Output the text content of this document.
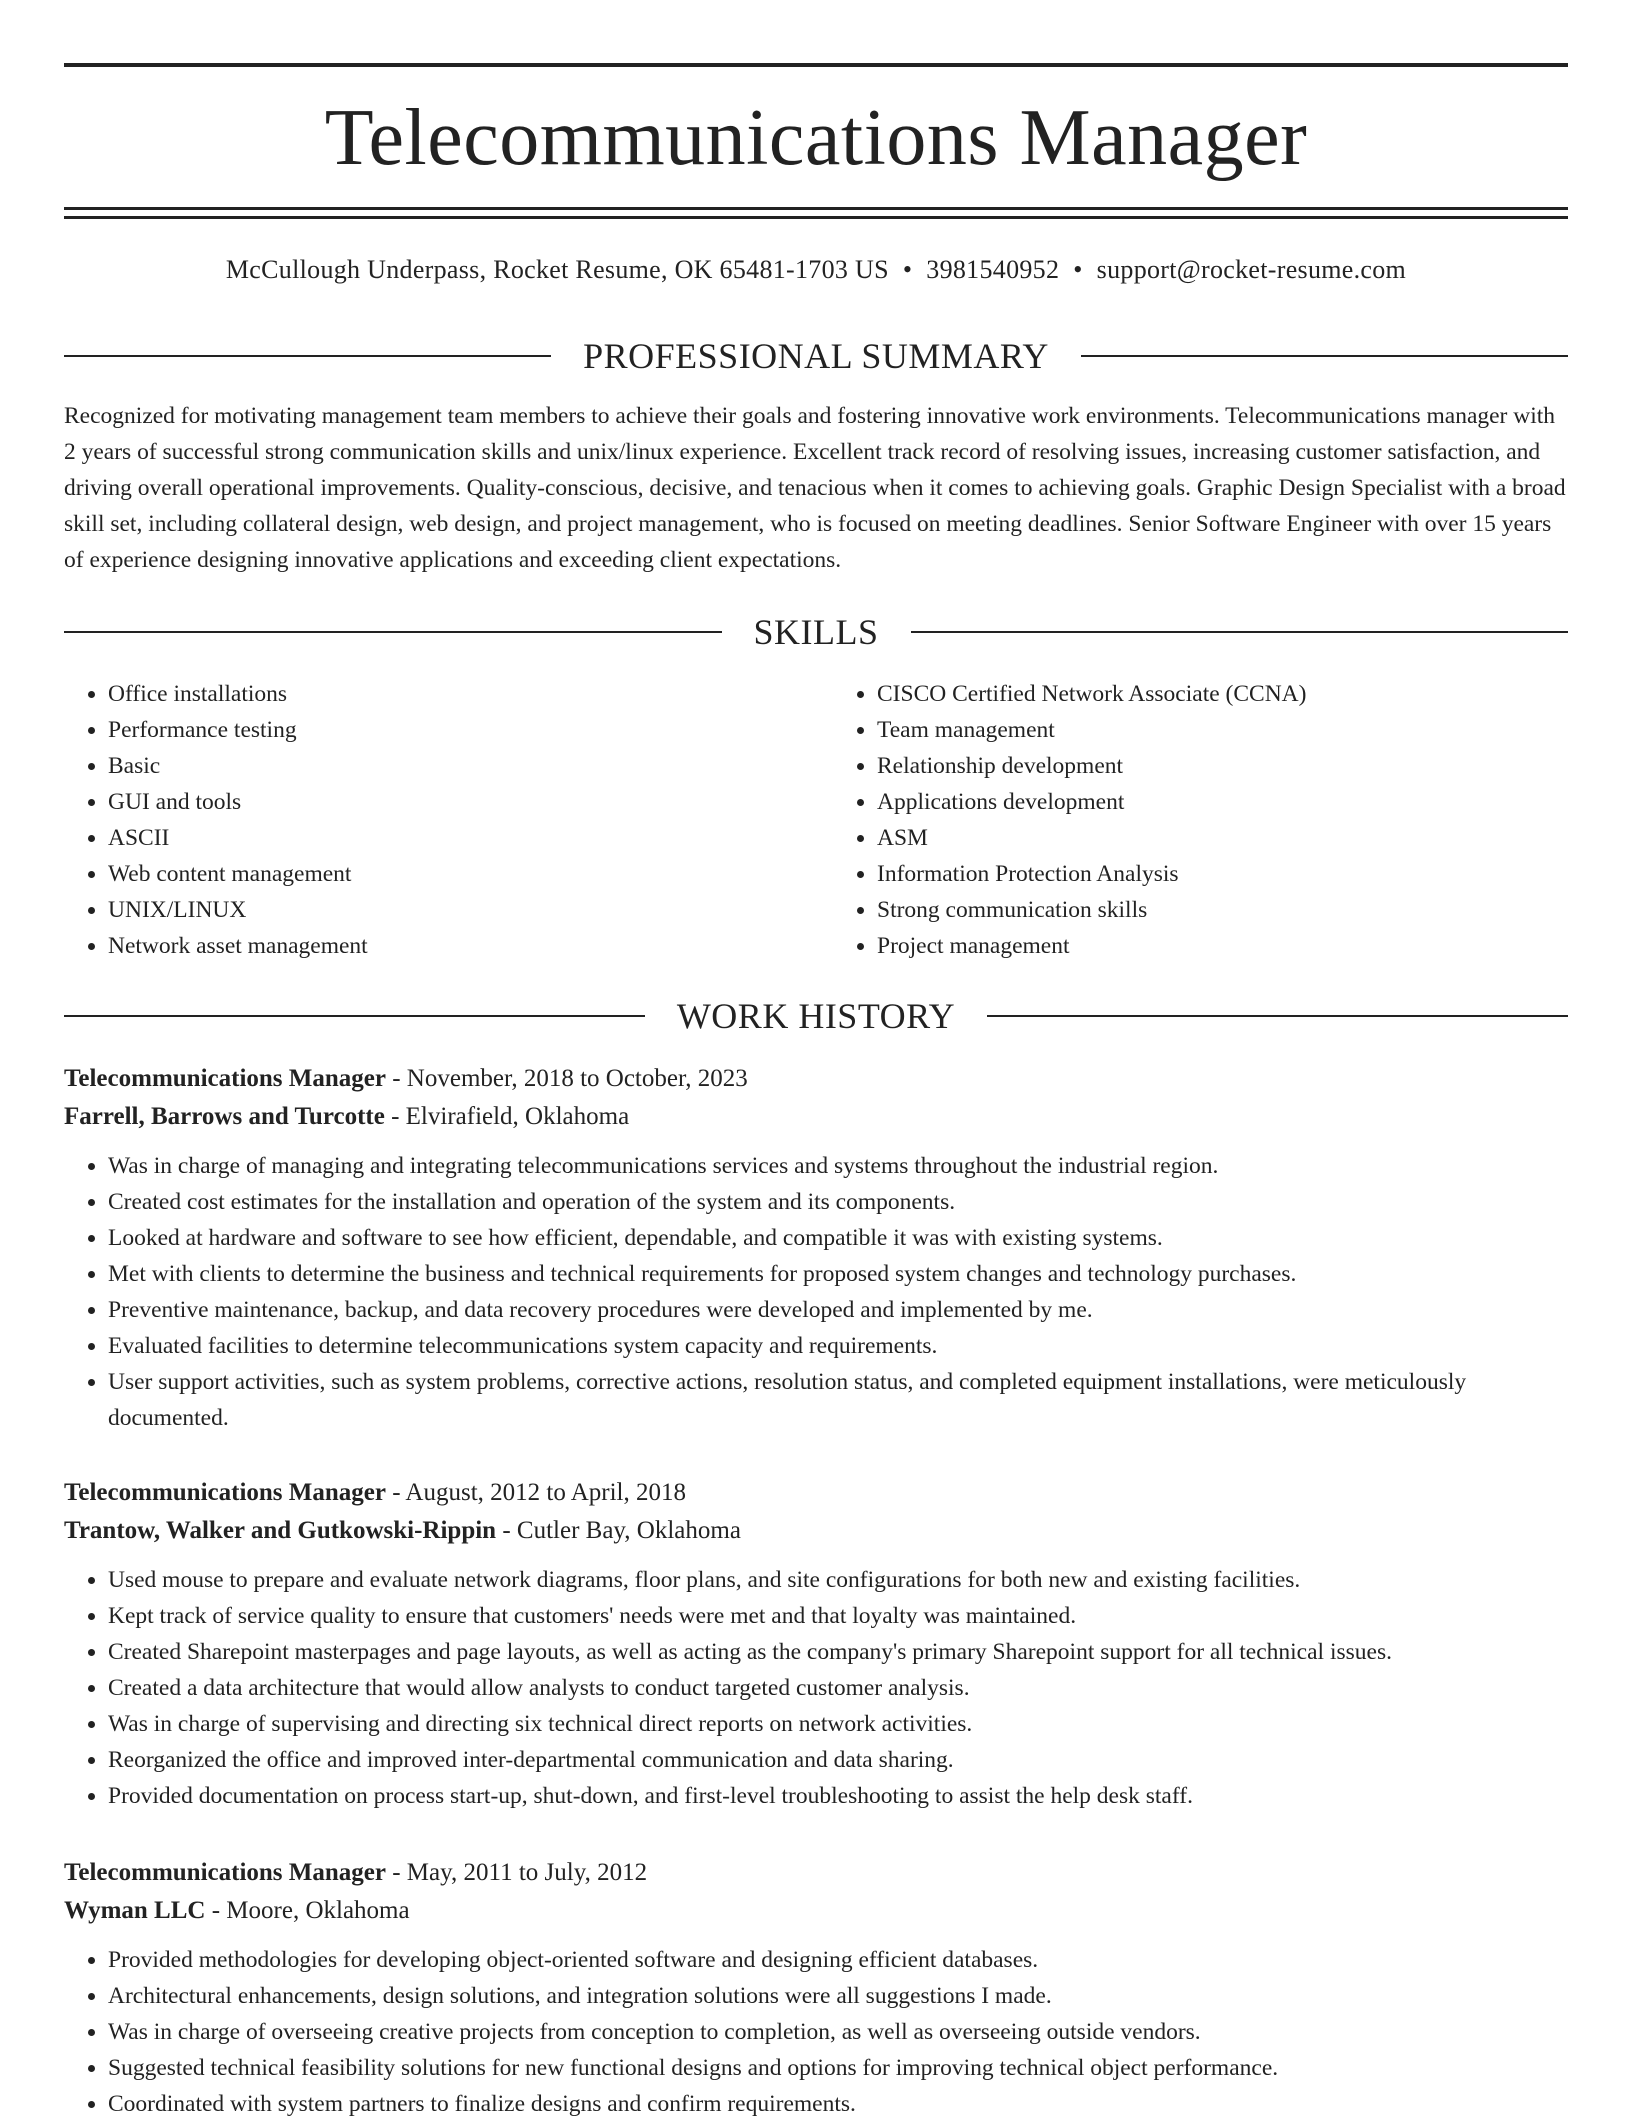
Telecommunications Manager
McCullough Underpass, Rocket Resume, OK 65481-1703 US • 3981540952 • support@rocket-resume.com
PROFESSIONAL SUMMARY

Recognized for motivating management team members to achieve their goals and fostering innovative work environments. Telecommunications manager with 2 years of successful strong communication skills and unix/linux experience. Excellent track record of resolving issues, increasing customer satisfaction, and driving overall operational improvements. Quality-conscious, decisive, and tenacious when it comes to achieving goals. Graphic Design Specialist with a broad skill set, including collateral design, web design, and project management, who is focused on meeting deadlines. Senior Software Engineer with over 15 years of experience designing innovative applications and exceeding client expectations.

SKILLS
• Office installations
• Performance testing
• Basic
• GUI and tools
• ASCII
• Web content management
• UNIX/LINUX
• Network asset management
• CISCO Certified Network Associate (CCNA)
• Team management
• Relationship development
• Applications development
• ASM
• Information Protection Analysis
• Strong communication skills
• Project management
WORK HISTORY
Telecommunications Manager - November, 2018 to October, 2023
Farrell, Barrows and Turcotte - Elvirafield, Oklahoma
• Was in charge of managing and integrating telecommunications services and systems throughout the industrial region.
• Created cost estimates for the installation and operation of the system and its components.
• Looked at hardware and software to see how efficient, dependable, and compatible it was with existing systems.
• Met with clients to determine the business and technical requirements for proposed system changes and technology purchases.
• Preventive maintenance, backup, and data recovery procedures were developed and implemented by me.
• Evaluated facilities to determine telecommunications system capacity and requirements.
• User support activities, such as system problems, corrective actions, resolution status, and completed equipment installations, were meticulously documented.
Telecommunications Manager - August, 2012 to April, 2018
Trantow, Walker and Gutkowski-Rippin - Cutler Bay, Oklahoma
• Used mouse to prepare and evaluate network diagrams, floor plans, and site configurations for both new and existing facilities.
• Kept track of service quality to ensure that customers' needs were met and that loyalty was maintained.
• Created Sharepoint masterpages and page layouts, as well as acting as the company's primary Sharepoint support for all technical issues.
• Created a data architecture that would allow analysts to conduct targeted customer analysis.
• Was in charge of supervising and directing six technical direct reports on network activities.
• Reorganized the office and improved inter-departmental communication and data sharing.
• Provided documentation on process start-up, shut-down, and first-level troubleshooting to assist the help desk staff.
Telecommunications Manager - May, 2011 to July, 2012
Wyman LLC - Moore, Oklahoma
• Provided methodologies for developing object-oriented software and designing efficient databases.
• Architectural enhancements, design solutions, and integration solutions were all suggestions I made.
• Was in charge of overseeing creative projects from conception to completion, as well as overseeing outside vendors.
• Suggested technical feasibility solutions for new functional designs and options for improving technical object performance.
• Coordinated with system partners to finalize designs and confirm requirements.
